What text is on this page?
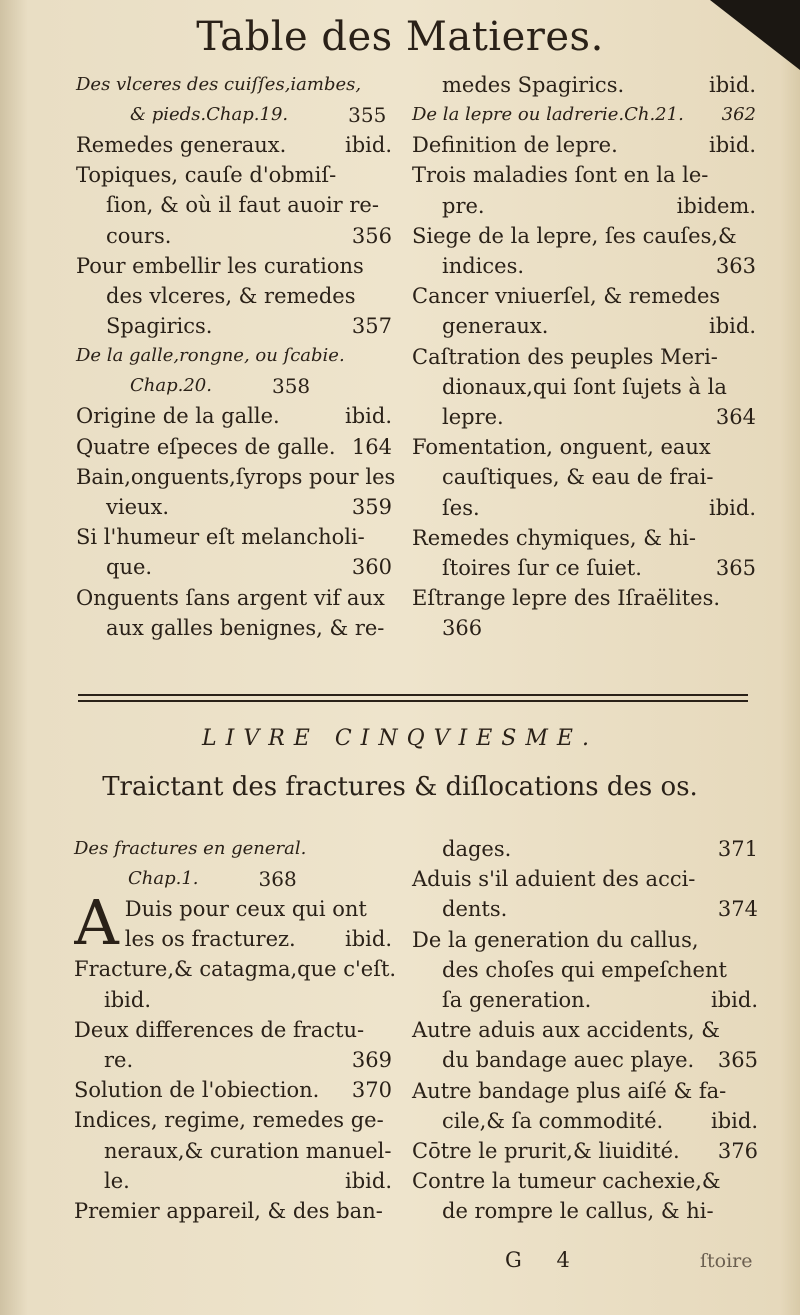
Table des Matieres.
Des vlceres des cuiſſes,iambes,
& pieds.Chap.19.	355
Remedes generaux.	ibid.
Topiques, cauſe d'obmiſ-
ſion, & où il faut auoir re-
cours.	356
Pour embellir les curations
des vlceres, & remedes
Spagirics.	357
De la galle,rongne, ou ſcabie.
Chap.20.	358
Origine de la galle.	ibid.
Quatre eſpeces de galle. 164
Bain,onguents,ſyrops pour les
vieux.	359
Si l'humeur eſt melancholi-
que.	360
Onguents ſans argent vif aux
aux galles benignes, & re-
medes Spagirics.	ibid.
De la lepre ou ladrerie.Ch.21. 362
Definition de lepre.	ibid.
Trois maladies ſont en la le-
pre.	ibidem.
Siege de la lepre, ſes cauſes,&
indices.	363
Cancer vniuerſel, & remedes
generaux.	ibid.
Caſtration des peuples Meri-
dionaux,qui ſont ſujets à la
lepre.	364
Fomentation, onguent, eaux
cauſtiques, & eau de frai-
ſes.	ibid.
Remedes chymiques, & hi-
ſtoires ſur ce ſuiet.	365
Eſtrange lepre des Iſraëlites.
366
LIVRE CINQVIESME.
Traictant des fractures & diſlocations des os.
Des fractures en general.
Chap.1.	368
A Duis pour ceux qui ont
les os fracturez.	ibid.
Fracture,& catagma,que c'eſt.
ibid.
Deux differences de fractu-
re.	369
Solution de l'obiection.	370
Indices, regime, remedes ge-
neraux,& curation manuel-
le.	ibid.
Premier appareil, & des ban-
dages.	371
Aduis s'il aduient des acci-
dents.	374
De la generation du callus,
des choſes qui empeſchent
ſa generation.	ibid.
Autre aduis aux accidents, &
du bandage auec playe.	365
Autre bandage plus aiſé & fa-
cile,& ſa commodité.	ibid.
Cōtre le prurit,& liuidité.	376
Contre la tumeur cachexie,&
de rompre le callus, & hi-
G 4	ſtoire
